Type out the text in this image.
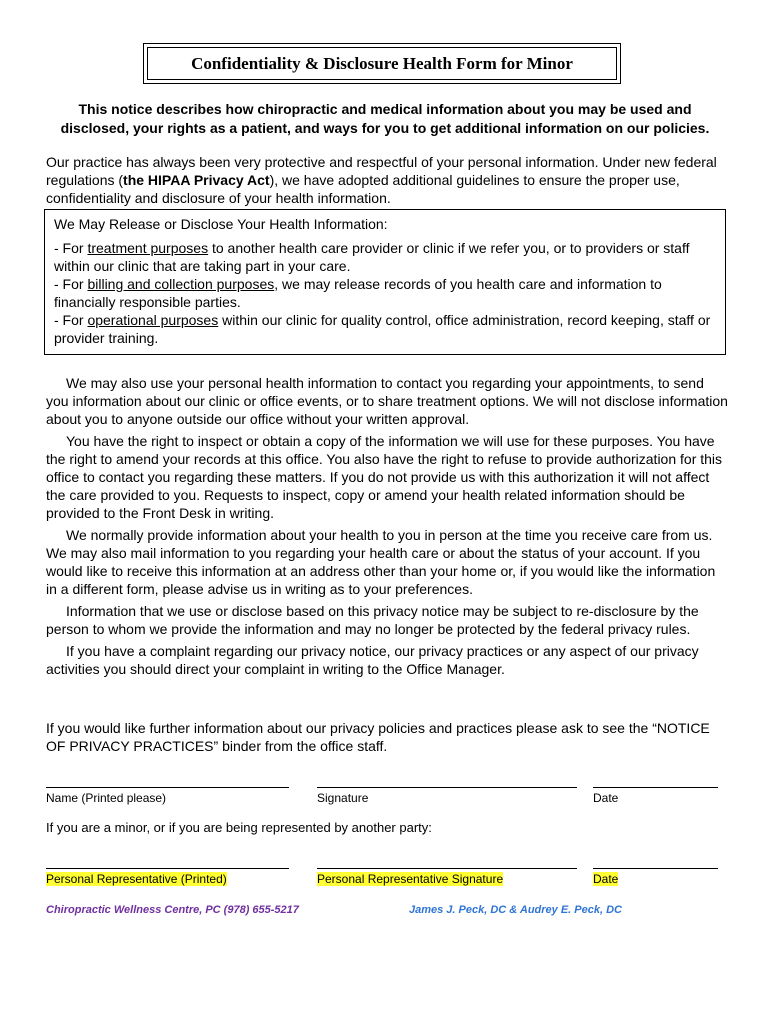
Confidentiality & Disclosure Health Form for Minor
This notice describes how chiropractic and medical information about you may be used and disclosed, your rights as a patient, and ways for you to get additional information on our policies.
Our practice has always been very protective and respectful of your personal information. Under new federal regulations (the HIPAA Privacy Act), we have adopted additional guidelines to ensure the proper use, confidentiality and disclosure of your health information.
We May Release or Disclose Your Health Information:
- For treatment purposes to another health care provider or clinic if we refer you, or to providers or staff within our clinic that are taking part in your care.
- For billing and collection purposes, we may release records of you health care and information to financially responsible parties.
- For operational purposes within our clinic for quality control, office administration, record keeping, staff or provider training.

We may also use your personal health information to contact you regarding your appointments, to send you information about our clinic or office events, or to share treatment options. We will not disclose information about you to anyone outside our office without your written approval.

You have the right to inspect or obtain a copy of the information we will use for these purposes. You have the right to amend your records at this office. You also have the right to refuse to provide authorization for this office to contact you regarding these matters. If you do not provide us with this authorization it will not affect the care provided to you. Requests to inspect, copy or amend your health related information should be provided to the Front Desk in writing.

We normally provide information about your health to you in person at the time you receive care from us. We may also mail information to you regarding your health care or about the status of your account. If you would like to receive this information at an address other than your home or, if you would like the information in a different form, please advise us in writing as to your preferences.

Information that we use or disclose based on this privacy notice may be subject to re-disclosure by the person to whom we provide the information and may no longer be protected by the federal privacy rules.

If you have a complaint regarding our privacy notice, our privacy practices or any aspect of our privacy activities you should direct your complaint in writing to the Office Manager.

If you would like further information about our privacy policies and practices please ask to see the “NOTICE OF PRIVACY PRACTICES” binder from the office staff.
Name (Printed please)	Signature	Date
If you are a minor, or if you are being represented by another party:
Personal Representative (Printed)	Personal Representative Signature	Date
Chiropractic Wellness Centre, PC (978) 655-5217	James J. Peck, DC & Audrey E. Peck, DC
